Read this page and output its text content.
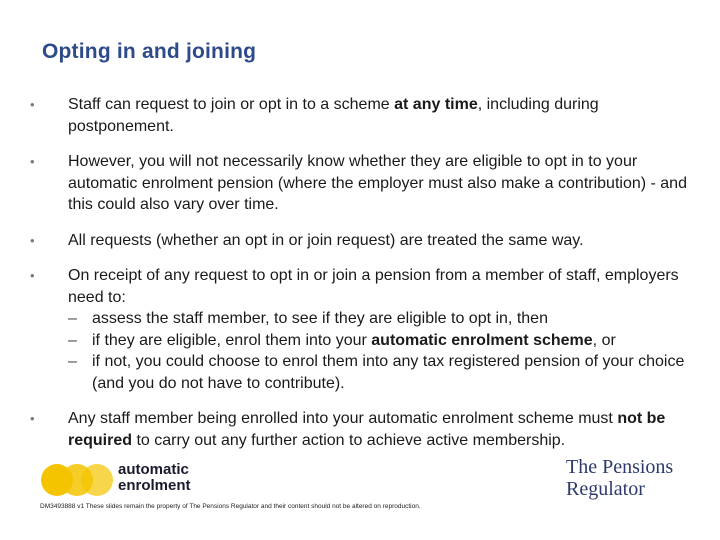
Opting in and joining
• Staff can request to join or opt in to a scheme at any time, including during postponement.
• However, you will not necessarily know whether they are eligible to opt in to your automatic enrolment pension (where the employer must also make a contribution) - and this could also vary over time.
• All requests (whether an opt in or join request) are treated the same way.
• On receipt of any request to opt in or join a pension from a member of staff, employers need to:
– assess the staff member, to see if they are eligible to opt in, then
– if they are eligible, enrol them into your automatic enrolment scheme, or
– if not, you could choose to enrol them into any tax registered pension of your choice (and you do not have to contribute).
• Any staff member being enrolled into your automatic enrolment scheme must not be required to carry out any further action to achieve active membership.
automatic
enrolment
The Pensions
Regulator
DM3493888 v1 These slides remain the property of The Pensions Regulator and their content should not be altered on reproduction.
